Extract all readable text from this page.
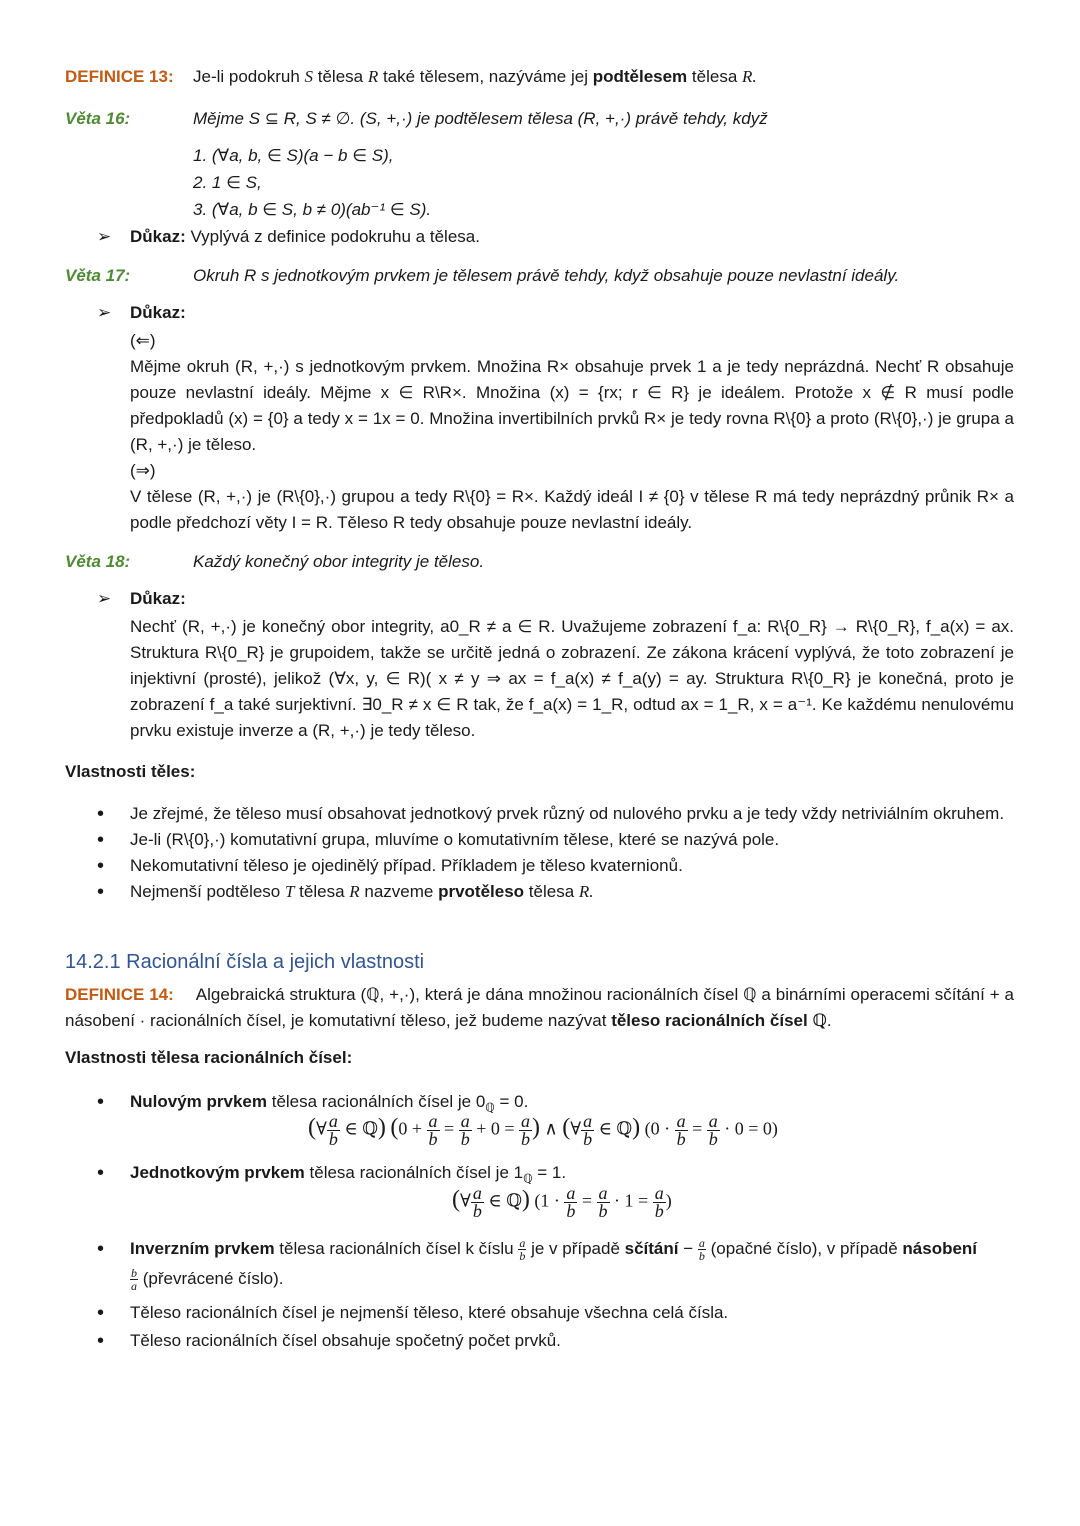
DEFINICE 13: Je-li podokruh S tělesa R také tělesem, nazýváme jej podtělesem tělesa R.
Věta 16:	Mějme S ⊆ R, S ≠ ∅. (S, +,·) je podtělesem tělesa (R, +,·) právě tehdy, když
1. (∀a, b, ∈ S)(a − b ∈ S),
2. 1 ∈ S,
3. (∀a, b ∈ S, b ≠ 0)(ab⁻¹ ∈ S).
➢ Důkaz: Vyplývá z definice podokruhu a tělesa.
Věta 17:	Okruh R s jednotkovým prvkem je tělesem právě tehdy, když obsahuje pouze nevlastní ideály.
➢ Důkaz:
(⇐)
Mějme okruh (R, +,·) s jednotkovým prvkem. Množina R× obsahuje prvek 1 a je tedy neprázdná. Nechť R obsahuje pouze nevlastní ideály. Mějme x ∈ R\R×. Množina (x) = {rx; r ∈ R} je ideálem. Protože x ∉ R musí podle předpokladů (x) = {0} a tedy x = 1x = 0. Množina invertibilních prvků R× je tedy rovna R\{0} a proto (R\{0},·) je grupa a (R, +,·) je těleso.
(⇒)
V tělese (R, +,·) je (R\{0},·) grupou a tedy R\{0} = R×. Každý ideál I ≠ {0} v tělese R má tedy neprázdný průnik R× a podle předchozí věty I = R. Těleso R tedy obsahuje pouze nevlastní ideály.
Věta 18:	Každý konečný obor integrity je těleso.
➢ Důkaz:
Nechť (R, +,·) je konečný obor integrity, a0_R ≠ a ∈ R. Uvažujeme zobrazení f_a: R\{0_R} → R\{0_R}, f_a(x) = ax. Struktura R\{0_R} je grupoidem, takže se určitě jedná o zobrazení. Ze zákona krácení vyplývá, že toto zobrazení je injektivní (prosté), jelikož (∀x, y, ∈ R)( x ≠ y ⇒ ax = f_a(x) ≠ f_a(y) = ay. Struktura R\{0_R} je konečná, proto je zobrazení f_a také surjektivní. ∃0_R ≠ x ∈ R tak, že f_a(x) = 1_R, odtud ax = 1_R, x = a⁻¹. Ke každému nenulovému prvku existuje inverze a (R, +,·) je tedy těleso.
Vlastnosti těles:
• Je zřejmé, že těleso musí obsahovat jednotkový prvek různý od nulového prvku a je tedy vždy netriviálním okruhem.
• Je-li (R\{0},·) komutativní grupa, mluvíme o komutativním tělese, které se nazývá pole.
• Nekomutativní těleso je ojedinělý případ. Příkladem je těleso kvaternionů.
• Nejmenší podtěleso T tělesa R nazveme prvotěleso tělesa R.
14.2.1 Racionální čísla a jejich vlastnosti
DEFINICE 14: Algebraická struktura (ℚ, +,·), která je dána množinou racionálních čísel ℚ a binárními operacemi sčítání + a násobení · racionálních čísel, je komutativní těleso, jež budeme nazývat těleso racionálních čísel ℚ.
Vlastnosti tělesa racionálních čísel:
• Nulovým prvkem tělesa racionálních čísel je $0_ℚ = 0$.
(∀ $\frac{a}{b}$ ∈ ℚ) ($0 + \frac{a}{b} = \frac{a}{b} + 0 = \frac{a}{b}$ ) ∧ (∀ $\frac{a}{b}$ ∈ ℚ) $(0 \cdot \frac{a}{b} = \frac{a}{b} \cdot 0 = 0)$
• Jednotkovým prvkem tělesa racionálních čísel je $1_ℚ = 1$.
(∀ $\frac{a}{b}$ ∈ ℚ) ($1 \cdot \frac{a}{b} = \frac{a}{b} \cdot 1 = \frac{a}{b}$ )
• Inverzním prvkem tělesa racionálních čísel k číslu $\frac{a}{b}$ je v případě sčítání − $\frac{a}{b}$ (opačné číslo), v případě násobení

$\frac{b}{a}$ (převrácené číslo).
• Těleso racionálních čísel je nejmenší těleso, které obsahuje všechna celá čísla.
• Těleso racionálních čísel obsahuje spočetný počet prvků.
